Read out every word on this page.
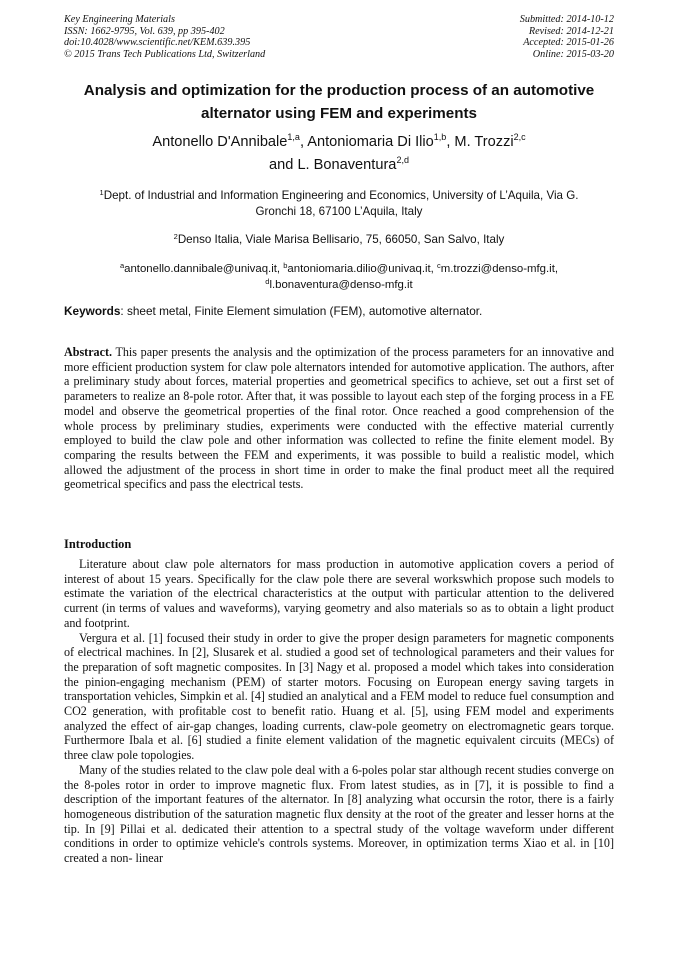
Key Engineering Materials
ISSN: 1662-9795, Vol. 639, pp 395-402
doi:10.4028/www.scientific.net/KEM.639.395
© 2015 Trans Tech Publications Ltd, Switzerland
Submitted: 2014-10-12
Revised: 2014-12-21
Accepted: 2015-01-26
Online: 2015-03-20
Analysis and optimization for the production process of an automotive
alternator using FEM and experiments
Antonello D'Annibale$^{1,a}$, Antoniomaria Di Ilio$^{1,b}$, M. Trozzi$^{2,c}$
and L. Bonaventura$^{2,d}$
$^1$Dept. of Industrial and Information Engineering and Economics, University of L’Aquila, Via G.
Gronchi 18, 67100 L’Aquila, Italy
$^2$Denso Italia, Viale Marisa Bellisario, 75, 66050, San Salvo, Italy
$^a$antonello.dannibale@univaq.it, $^b$antoniomaria.dilio@univaq.it, $^c$m.trozzi@denso-mfg.it,
$^d$l.bonaventura@denso-mfg.it
Keywords: sheet metal, Finite Element simulation (FEM), automotive alternator.
Abstract. This paper presents the analysis and the optimization of the process parameters for an innovative and more efficient production system for claw pole alternators intended for automotive application. The authors, after a preliminary study about forces, material properties and geometrical specifics to achieve, set out a first set of parameters to realize an 8-pole rotor. After that, it was possible to layout each step of the forging process in a FE model and observe the geometrical properties of the final rotor. Once reached a good comprehension of the whole process by preliminary studies, experiments were conducted with the effective material currently employed to build the claw pole and other information was collected to refine the finite element model. By comparing the results between the FEM and experiments, it was possible to build a realistic model, which allowed the adjustment of the process in short time in order to make the final product meet all the required geometrical specifics and pass the electrical tests.
Introduction

Literature about claw pole alternators for mass production in automotive application covers a period of interest of about 15 years. Specifically for the claw pole there are several workswhich propose such models to estimate the variation of the electrical characteristics at the output with particular attention to the delivered current (in terms of values and waveforms), varying geometry and also materials so as to obtain a light product and footprint.

Vergura et al. [1] focused their study in order to give the proper design parameters for magnetic components of electrical machines. In [2], Slusarek et al. studied a good set of technological parameters and their values for the preparation of soft magnetic composites. In [3] Nagy et al. proposed a model which takes into consideration the pinion-engaging mechanism (PEM) of starter motors. Focusing on European energy saving targets in transportation vehicles, Simpkin et al. [4] studied an analytical and a FEM model to reduce fuel consumption and CO2 generation, with profitable cost to benefit ratio. Huang et al. [5], using FEM model and experiments analyzed the effect of air-gap changes, loading currents, claw-pole geometry on electromagnetic gears torque. Furthermore Ibala et al. [6] studied a finite element validation of the magnetic equivalent circuits (MECs) of three claw pole topologies.

Many of the studies related to the claw pole deal with a 6-poles polar star although recent studies converge on the 8-poles rotor in order to improve magnetic flux. From latest studies, as in [7], it is possible to find a description of the important features of the alternator. In [8] analyzing what occursin the rotor, there is a fairly homogeneous distribution of the saturation magnetic flux density at the root of the greater and lesser horns at the tip. In [9] Pillai et al. dedicated their attention to a spectral study of the voltage waveform under different conditions in order to optimize vehicle's controls systems. Moreover, in optimization terms Xiao et al. in [10] created a non- linear
